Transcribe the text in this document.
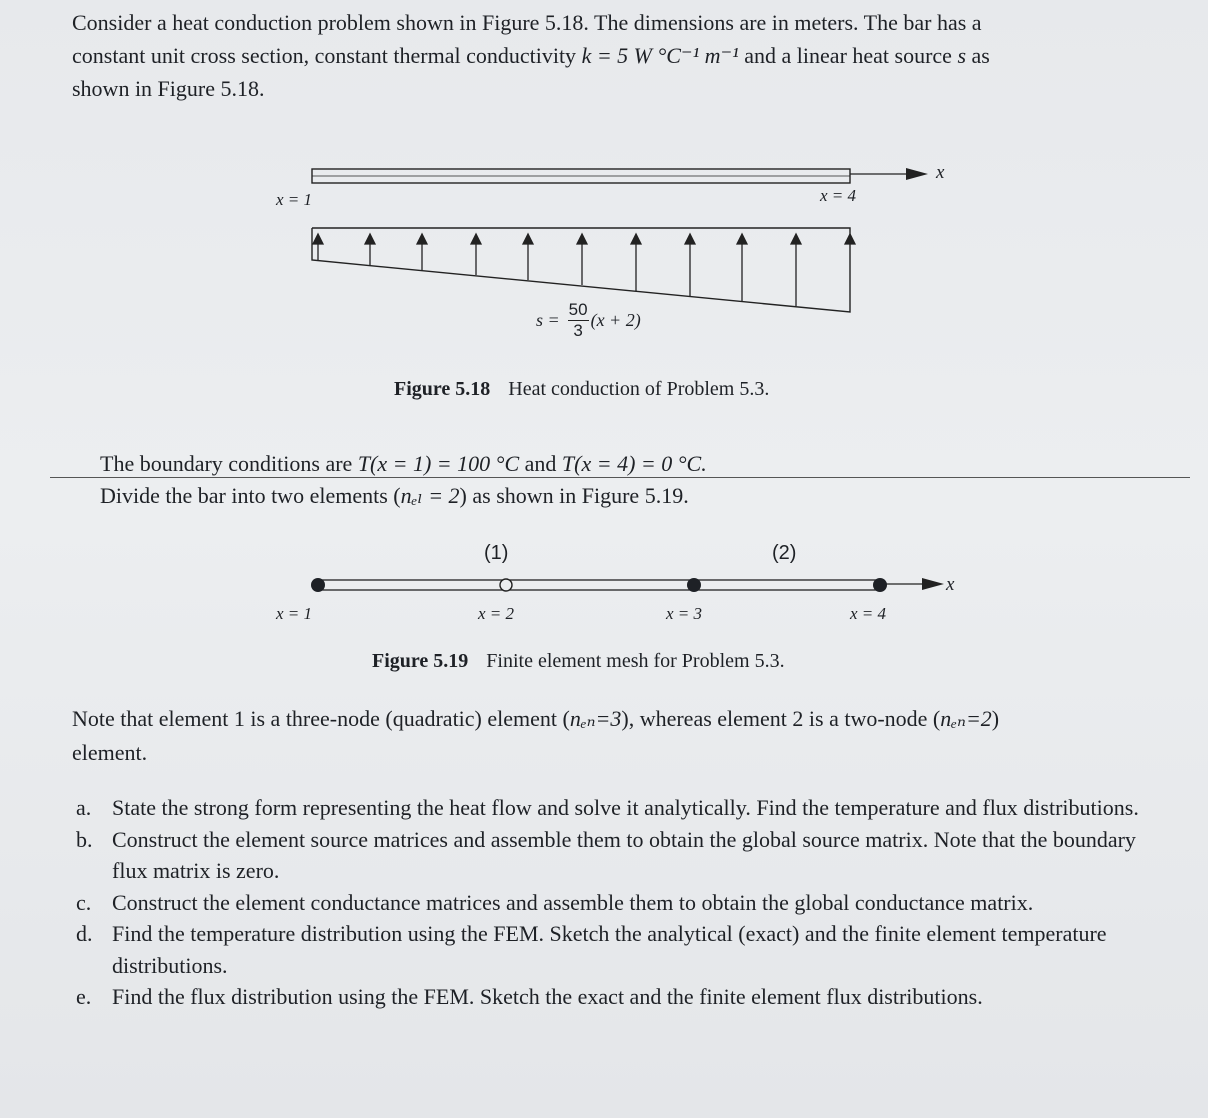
Consider a heat conduction problem shown in Figure 5.18. The dimensions are in meters. The bar has a
constant unit cross section, constant thermal conductivity k = 5 W °C⁻¹ m⁻¹ and a linear heat source s as
shown in Figure 5.18.

x
x = 1	x = 4
$s = \frac{50}{3} (x + 2)$
Figure 5.18 Heat conduction of Problem 5.3.

The boundary conditions are T(x = 1) = 100 °C and T(x = 4) = 0 °C.
Divide the bar into two elements (nₑₗ = 2) as shown in Figure 5.19.

(1)	(2)
x
x = 1	x = 2	x = 3	x = 4
Figure 5.19 Finite element mesh for Problem 5.3.

Note that element 1 is a three-node (quadratic) element (nₑₙ=3), whereas element 2 is a two-node (nₑₙ=2)
element.

a. State the strong form representing the heat flow and solve it analytically. Find the temperature and flux distributions.
b. Construct the element source matrices and assemble them to obtain the global source matrix. Note that the boundary flux matrix is zero.
c. Construct the element conductance matrices and assemble them to obtain the global conductance matrix.
d. Find the temperature distribution using the FEM. Sketch the analytical (exact) and the finite element temperature distributions.
e. Find the flux distribution using the FEM. Sketch the exact and the finite element flux distributions.
